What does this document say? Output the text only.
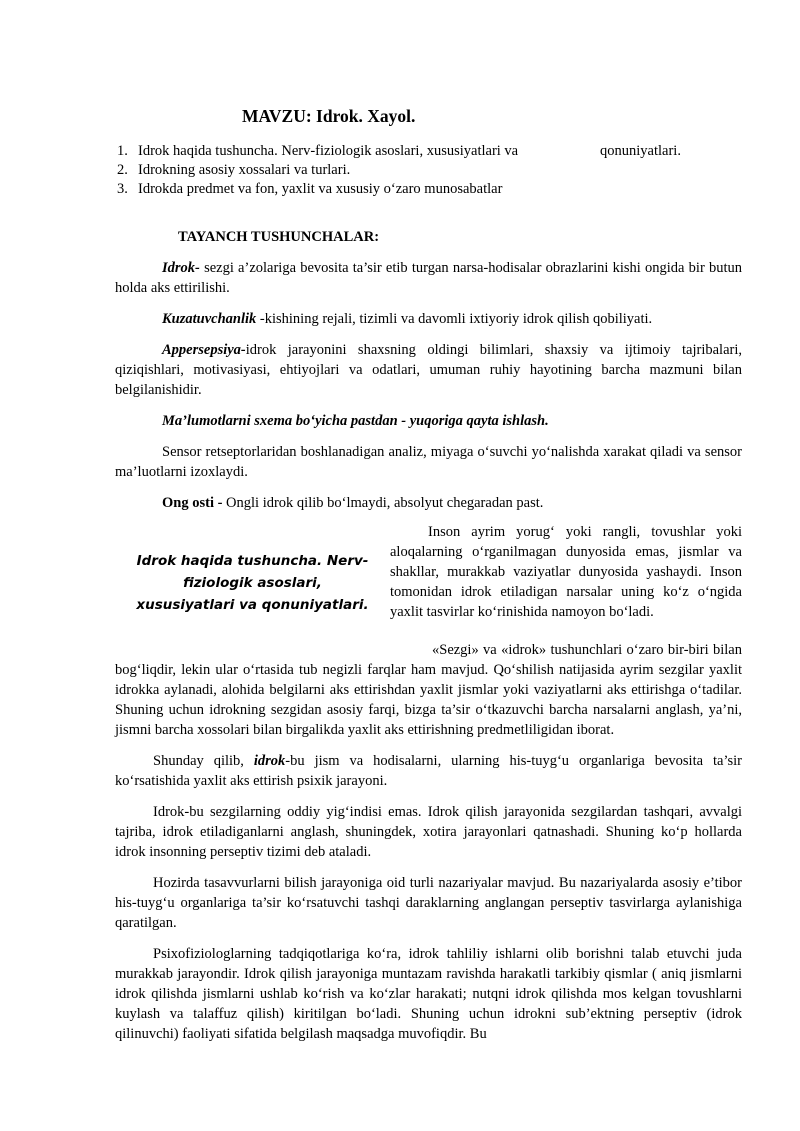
MAVZU: Idrok. Xayol.
1. Idrok haqida tushuncha. Nerv-fiziologik asoslari, xususiyatlari va	qonuniyatlari.
2. Idrokning asosiy xossalari va turlari.
3. Idrokda predmet va fon, yaxlit va xususiy o‘zaro munosabatlar
TAYANCH TUSHUNCHALAR:

Idrok- sezgi a’zolariga bevosita ta’sir etib turgan narsa-hodisalar obrazlarini kishi ongida bir butun holda aks ettirilishi.

Kuzatuvchanlik -kishining rejali, tizimli va davomli ixtiyoriy idrok qilish qobiliyati.

Appersepsiya-idrok jarayonini shaxsning oldingi bilimlari, shaxsiy va ijtimoiy tajribalari, qiziqishlari, motivasiyasi, ehtiyojlari va odatlari, umuman ruhiy hayotining barcha mazmuni bilan belgilanishidir.

Ma’lumotlarni sxema bo‘yicha pastdan - yuqoriga qayta ishlash.

Sensor retseptorlaridan boshlanadigan analiz, miyaga o‘suvchi yo‘nalishda xarakat qiladi va sensor ma’luotlarni izoxlaydi.

Ong osti - Ongli idrok qilib bo‘lmaydi, absolyut chegaradan past.

Idrok haqida tushuncha. Nerv-fiziologik asoslari, xususiyatlari va qonuniyatlari.

Inson ayrim yorug‘ yoki rangli, tovushlar yoki aloqalarning o‘rganilmagan dunyosida emas, jismlar va shakllar, murakkab vaziyatlar dunyosida yashaydi. Inson tomonidan idrok etiladigan narsalar uning ko‘z o‘ngida yaxlit tasvirlar ko‘rinishida namoyon bo‘ladi.

«Sezgi» va «idrok» tushunchlari o‘zaro bir-biri bilan bog‘liqdir, lekin ular o‘rtasida tub negizli farqlar ham mavjud. Qo‘shilish natijasida ayrim sezgilar yaxlit idrokka aylanadi, alohida belgilarni aks ettirishdan yaxlit jismlar yoki vaziyatlarni aks ettirishga o‘tadilar. Shuning uchun idrokning sezgidan asosiy farqi, bizga ta’sir o‘tkazuvchi barcha narsalarni anglash, ya’ni, jismni barcha xossolari bilan birgalikda yaxlit aks ettirishning predmetliligidan iborat.

Shunday qilib, idrok-bu jism va hodisalarni, ularning his-tuyg‘u organlariga bevosita ta’sir ko‘rsatishida yaxlit aks ettirish psixik jarayoni.

Idrok-bu sezgilarning oddiy yig‘indisi emas. Idrok qilish jarayonida sezgilardan tashqari, avvalgi tajriba, idrok etiladiganlarni anglash, shuningdek, xotira jarayonlari qatnashadi. Shuning ko‘p hollarda idrok insonning perseptiv tizimi deb ataladi.

Hozirda tasavvurlarni bilish jarayoniga oid turli nazariyalar mavjud. Bu nazariyalarda asosiy e’tibor his-tuyg‘u organlariga ta’sir ko‘rsatuvchi tashqi daraklarning anglangan perseptiv tasvirlarga aylanishiga qaratilgan.

Psixofiziologlarning tadqiqotlariga ko‘ra, idrok tahliliy ishlarni olib borishni talab etuvchi juda murakkab jarayondir. Idrok qilish jarayoniga muntazam ravishda harakatli tarkibiy qismlar ( aniq jismlarni idrok qilishda jismlarni ushlab ko‘rish va ko‘zlar harakati; nutqni idrok qilishda mos kelgan tovushlarni kuylash va talaffuz qilish) kiritilgan bo‘ladi. Shuning uchun idrokni sub’ektning perseptiv (idrok qilinuvchi) faoliyati sifatida belgilash maqsadga muvofiqdir. Bu
